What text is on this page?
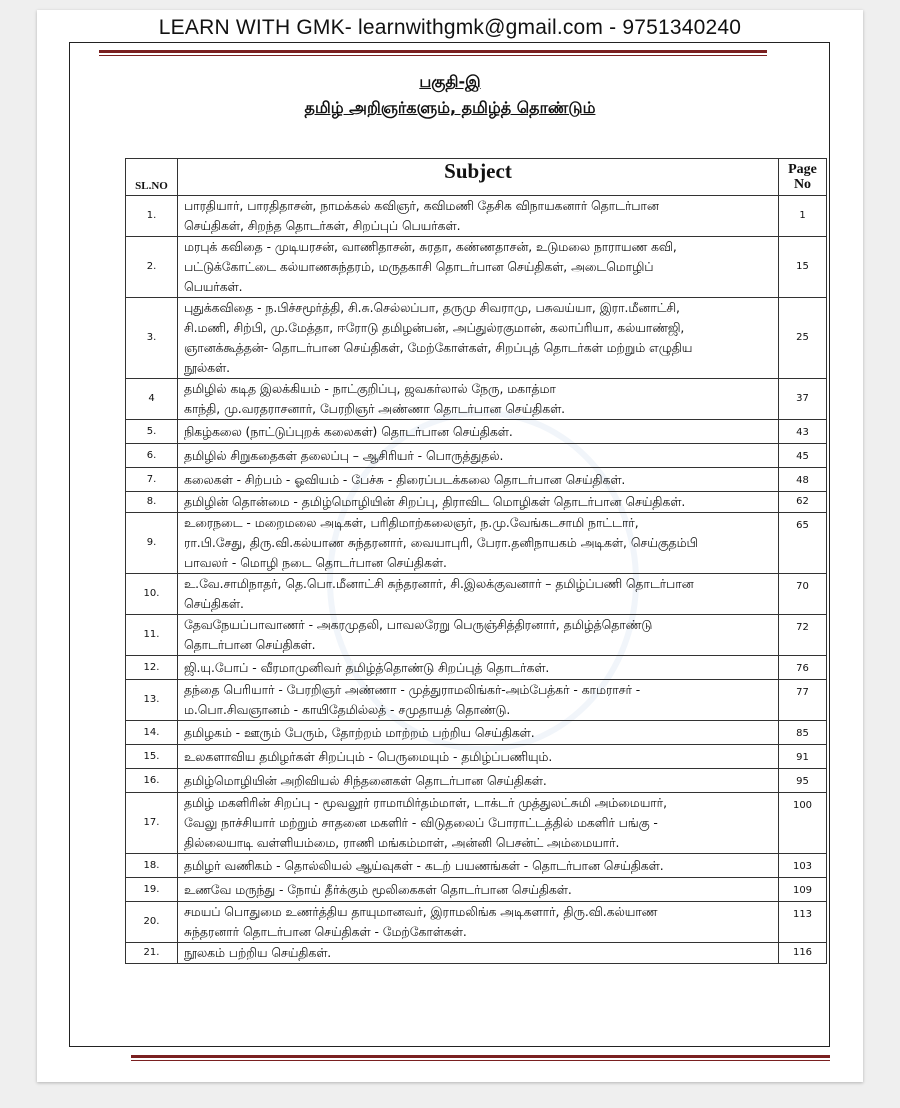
LEARN WITH GMK- learnwithgmk@gmail.com - 9751340240
பகுதி-இ
தமிழ் அறிஞர்களும், தமிழ்த் தொண்டும்
SL.NO	Subject	Page
No

1.	பாரதியார், பாரதிதாசன், நாமக்கல் கவிஞர், கவிமணி தேசிக விநாயகனார் தொடர்பான
செய்திகள், சிறந்த தொடர்கள், சிறப்புப் பெயர்கள்.	1
2.	மரபுக் கவிதை - முடியரசன், வாணிதாசன், சுரதா, கண்ணதாசன், உடுமலை நாராயண கவி,
பட்டுக்கோட்டை கல்யாணசுந்தரம், மருதகாசி தொடர்பான செய்திகள், அடைமொழிப்
பெயர்கள்.	15
3.	புதுக்கவிதை - ந.பிச்சமூர்த்தி, சி.சு.செல்லப்பா, தருமு சிவராமு, பசுவய்யா, இரா.மீனாட்சி,
சி.மணி, சிற்பி, மு.மேத்தா, ஈரோடு தமிழன்பன், அப்துல்ரகுமான், கலாப்ரியா, கல்யாண்ஜி,
ஞானக்கூத்தன்- தொடர்பான செய்திகள், மேற்கோள்கள், சிறப்புத் தொடர்கள் மற்றும் எழுதிய
நூல்கள்.	25
4	தமிழில் கடித இலக்கியம் - நாட்குறிப்பு, ஜவகர்லால் நேரு, மகாத்மா
காந்தி, மு.வரதராசனார், பேரறிஞர் அண்ணா தொடர்பான செய்திகள்.	37
5.	நிகழ்கலை (நாட்டுப்புறக் கலைகள்) தொடர்பான செய்திகள்.	43
6.	தமிழில் சிறுகதைகள் தலைப்பு – ஆசிரியர் - பொருத்துதல்.	45
7.	கலைகள் - சிற்பம் - ஓவியம் - பேச்சு - திரைப்படக்கலை தொடர்பான செய்திகள்.	48
8.	தமிழின் தொன்மை - தமிழ்மொழியின் சிறப்பு, திராவிட மொழிகள் தொடர்பான செய்திகள்.	62
9.	உரைநடை - மறைமலை அடிகள், பரிதிமாற்கலைஞர், ந.மு.வேங்கடசாமி நாட்டார்,
ரா.பி.சேது, திரு.வி.கல்யாண சுந்தரனார், வையாபுரி, பேரா.தனிநாயகம் அடிகள், செய்குதம்பி
பாவலர் - மொழி நடை தொடர்பான செய்திகள்.	65
10.	உ.வே.சாமிநாதர், தெ.பொ.மீனாட்சி சுந்தரனார், சி.இலக்குவனார் – தமிழ்ப்பணி தொடர்பான
செய்திகள்.	70
11.	தேவநேயப்பாவாணர் - அகரமுதலி, பாவலரேறு பெருஞ்சித்திரனார், தமிழ்த்தொண்டு
தொடர்பான செய்திகள்.	72
12.	ஜி.யு.போப் - வீரமாமுனிவர் தமிழ்த்தொண்டு சிறப்புத் தொடர்கள்.	76
13.	தந்தை பெரியார் - பேரறிஞர் அண்ணா - முத்துராமலிங்கர்-அம்பேத்கர் - காமராசர் -
ம.பொ.சிவஞானம் - காயிதேமில்லத் - சமுதாயத் தொண்டு.	77
14.	தமிழகம் - ஊரும் பேரும், தோற்றம் மாற்றம் பற்றிய செய்திகள்.	85
15.	உலகளாவிய தமிழர்கள் சிறப்பும் - பெருமையும் - தமிழ்ப்பணியும்.	91
16.	தமிழ்மொழியின் அறிவியல் சிந்தனைகள் தொடர்பான செய்திகள்.	95
17.	தமிழ் மகளிரின் சிறப்பு - மூவலூர் ராமாமிர்தம்மாள், டாக்டர் முத்துலட்சுமி அம்மையார்,
வேலு நாச்சியார் மற்றும் சாதனை மகளிர் - விடுதலைப் போராட்டத்தில் மகளிர் பங்கு -
தில்லையாடி வள்ளியம்மை, ராணி மங்கம்மாள், அன்னி பெசன்ட் அம்மையார்.	100
18.	தமிழர் வணிகம் - தொல்லியல் ஆய்வுகள் - கடற் பயணங்கள் - தொடர்பான செய்திகள்.	103
19.	உணவே மருந்து - நோய் தீர்க்கும் மூலிகைகள் தொடர்பான செய்திகள்.	109
20.	சமயப் பொதுமை உணர்த்திய தாயுமானவர், இராமலிங்க அடிகளார், திரு.வி.கல்யாண
சுந்தரனார் தொடர்பான செய்திகள் - மேற்கோள்கள்.	113
21.	நூலகம் பற்றிய செய்திகள்.	116
